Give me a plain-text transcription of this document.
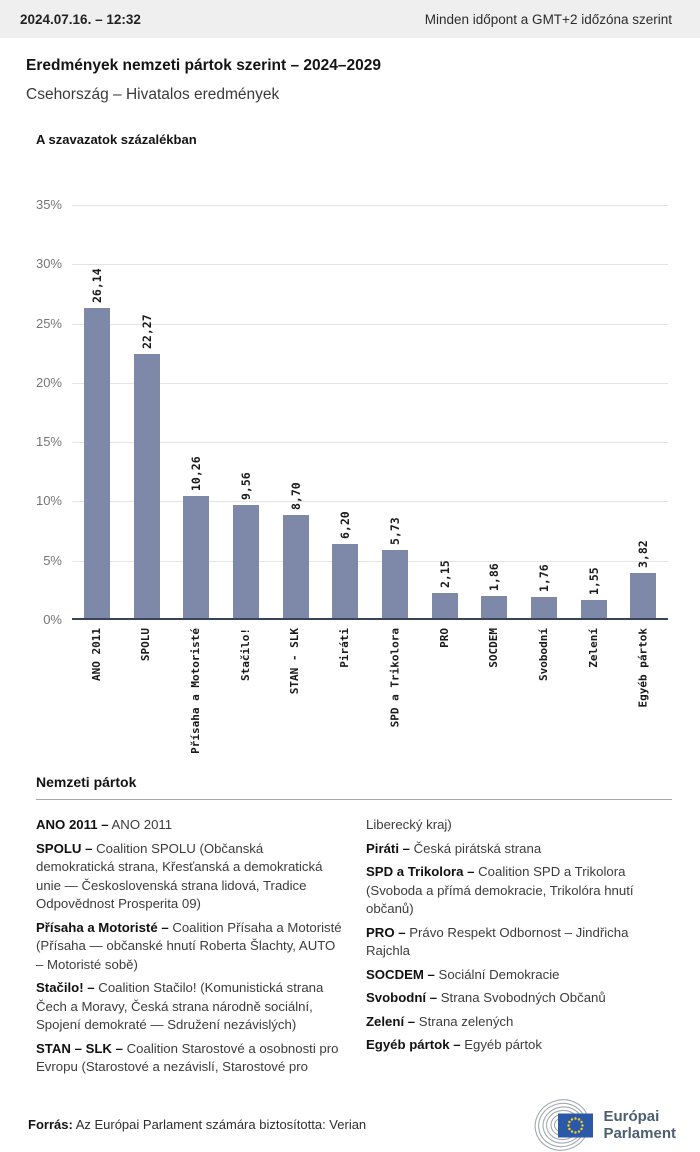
2024.07.16. – 12:32	Minden időpont a GMT+2 időzóna szerint
Eredmények nemzeti pártok szerint – 2024–2029
Csehország – Hivatalos eredmények
A szavazatok százalékban
0%
5%
10%
15%
20%
25%
30%
35%
26,14
22,27
10,26	9,56	8,70
6,20	5,73
2,15	1,86	1,76	1,55
3,82
ANO 2011	SPOLU	Přísaha a Motoristé	Stačilo!	STAN - SLK	Piráti	SPD a Trikolora	PRO	SOCDEM	Svobodní	Zelení	Egyéb pártok
Nemzeti pártok

ANO 2011 – ANO 2011

SPOLU – Coalition SPOLU (Občanská demokratická strana, Křesťanská a demokratická unie — Československá strana lidová, Tradice Odpovědnost Prosperita 09)

Přísaha a Motoristé – Coalition Přísaha a Motoristé (Přísaha — občanské hnutí Roberta Šlachty, AUTO – Motoristé sobě)

Stačilo! – Coalition Stačilo! (Komunistická strana Čech a Moravy, Česká strana národně sociální, Spojení demokraté — Sdružení nezávislých)

STAN – SLK – Coalition Starostové a osobnosti pro Evropu (Starostové a nezávislí, Starostové pro

Liberecký kraj)

Piráti – Česká pirátská strana

SPD a Trikolora – Coalition SPD a Trikolora (Svoboda a přímá demokracie, Trikolóra hnutí občanů)

PRO – Právo Respekt Odbornost – Jindřicha Rajchla

SOCDEM – Sociální Demokracie

Svobodní – Strana Svobodných Občanů

Zelení – Strana zelených

Egyéb pártok – Egyéb pártok

Forrás: Az Európai Parlament számára biztosította: Verian	Európai
Parlament
